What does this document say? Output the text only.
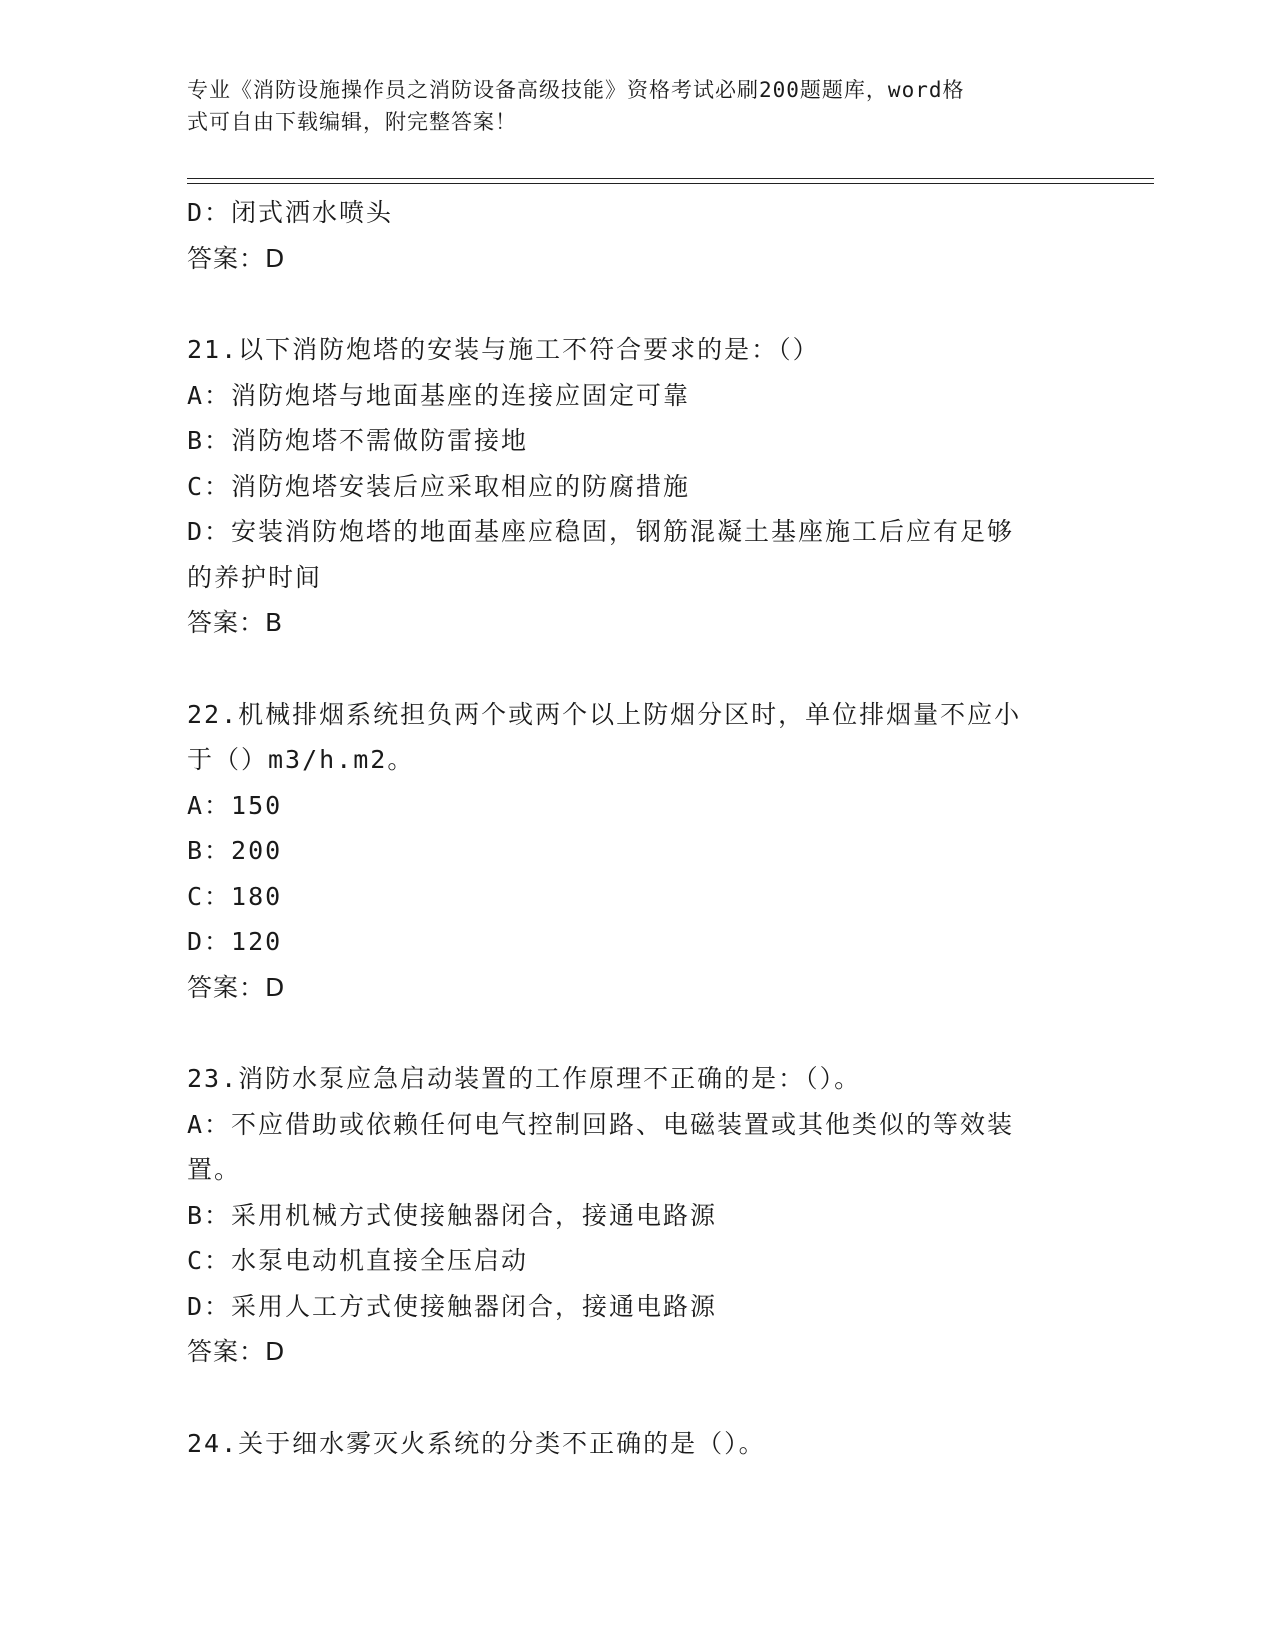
专业《消防设施操作员之消防设备高级技能》资格考试必刷200题题库，word格
式可自由下载编辑，附完整答案！
D：闭式洒水喷头
答案：D
21.以下消防炮塔的安装与施工不符合要求的是：（）
A：消防炮塔与地面基座的连接应固定可靠
B：消防炮塔不需做防雷接地
C：消防炮塔安装后应采取相应的防腐措施
D：安装消防炮塔的地面基座应稳固，钢筋混凝土基座施工后应有足够
的养护时间
答案：B
22.机械排烟系统担负两个或两个以上防烟分区时，单位排烟量不应小
于（）m3/h.m2。
A：150
B：200
C：180
D：120
答案：D
23.消防水泵应急启动装置的工作原理不正确的是：（）。
A：不应借助或依赖任何电气控制回路、电磁装置或其他类似的等效装
置。
B：采用机械方式使接触器闭合，接通电路源
C：水泵电动机直接全压启动
D：采用人工方式使接触器闭合，接通电路源
答案：D
24.关于细水雾灭火系统的分类不正确的是（）。
